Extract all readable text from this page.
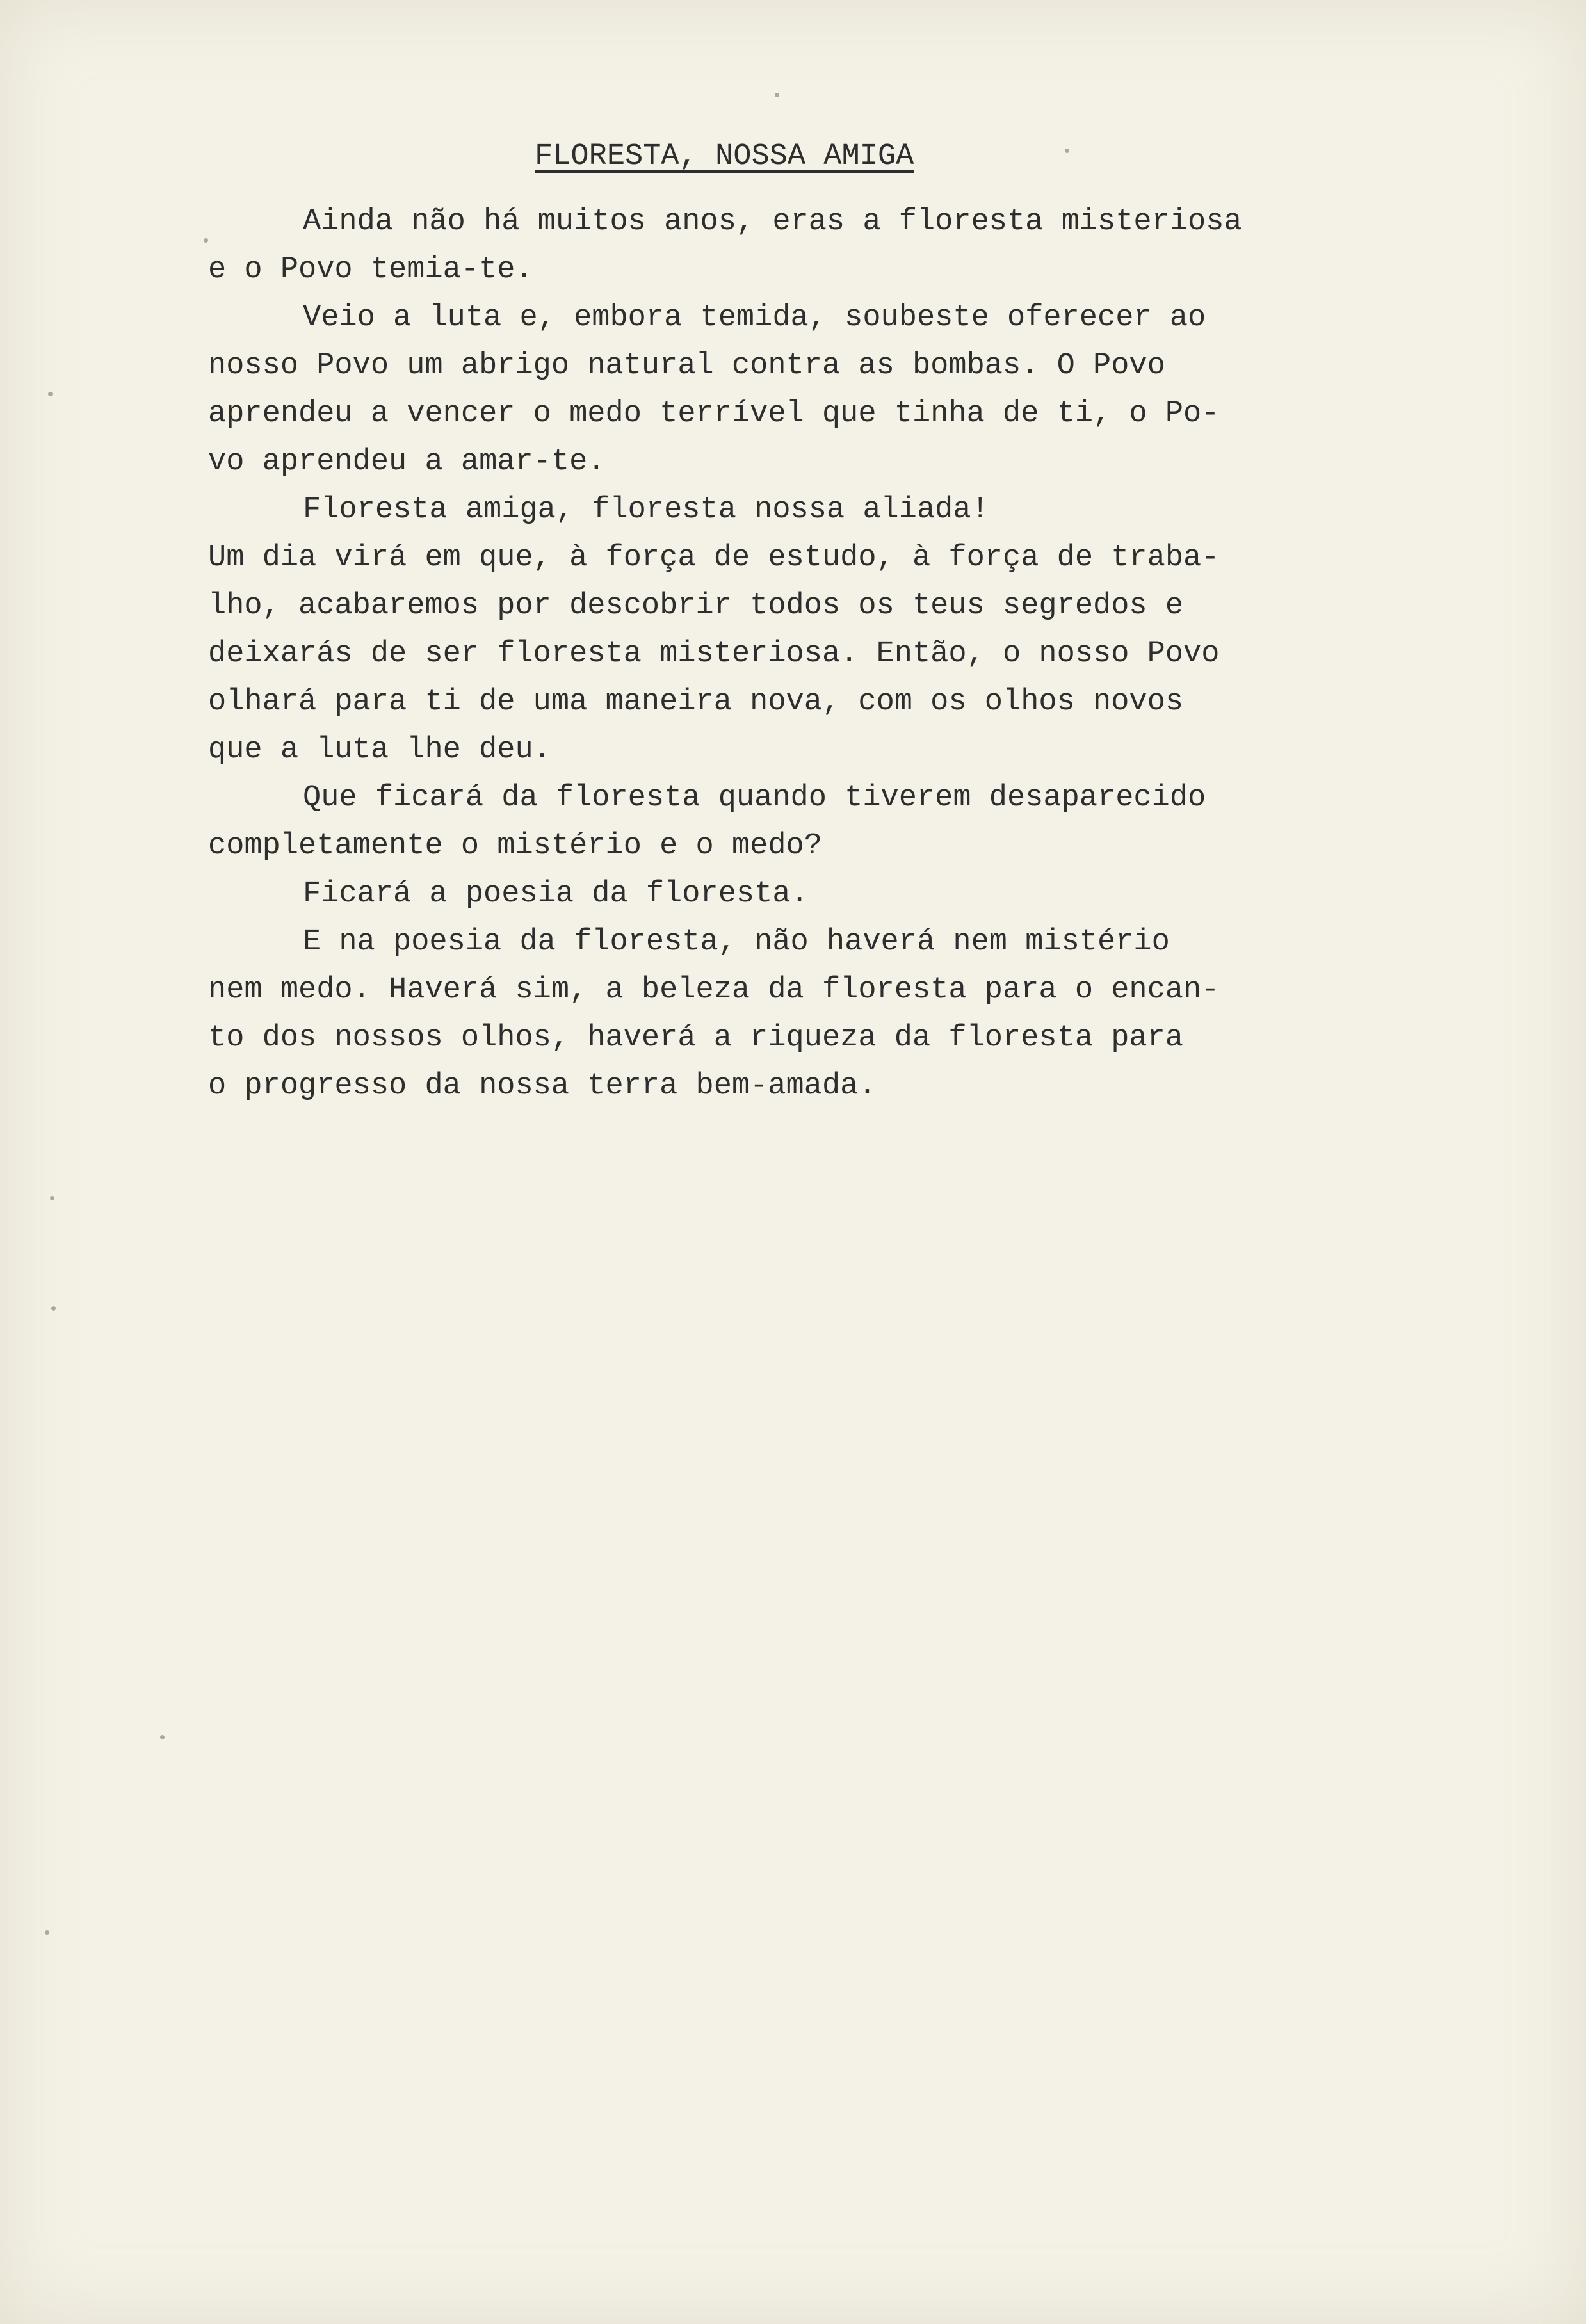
FLORESTA, NOSSA AMIGA
Ainda não há muitos anos, eras a floresta misteriosa
e o Povo temia-te.
Veio a luta e, embora temida, soubeste oferecer ao
nosso Povo um abrigo natural contra as bombas. O Povo
aprendeu a vencer o medo terrível que tinha de ti, o Po-
vo aprendeu a amar-te.
Floresta amiga, floresta nossa aliada!
Um dia virá em que, à força de estudo, à força de traba-
lho, acabaremos por descobrir todos os teus segredos e
deixarás de ser floresta misteriosa. Então, o nosso Povo
olhará para ti de uma maneira nova, com os olhos novos
que a luta lhe deu.
Que ficará da floresta quando tiverem desaparecido
completamente o mistério e o medo?
Ficará a poesia da floresta.
E na poesia da floresta, não haverá nem mistério
nem medo. Haverá sim, a beleza da floresta para o encan-
to dos nossos olhos, haverá a riqueza da floresta para
o progresso da nossa terra bem-amada.
